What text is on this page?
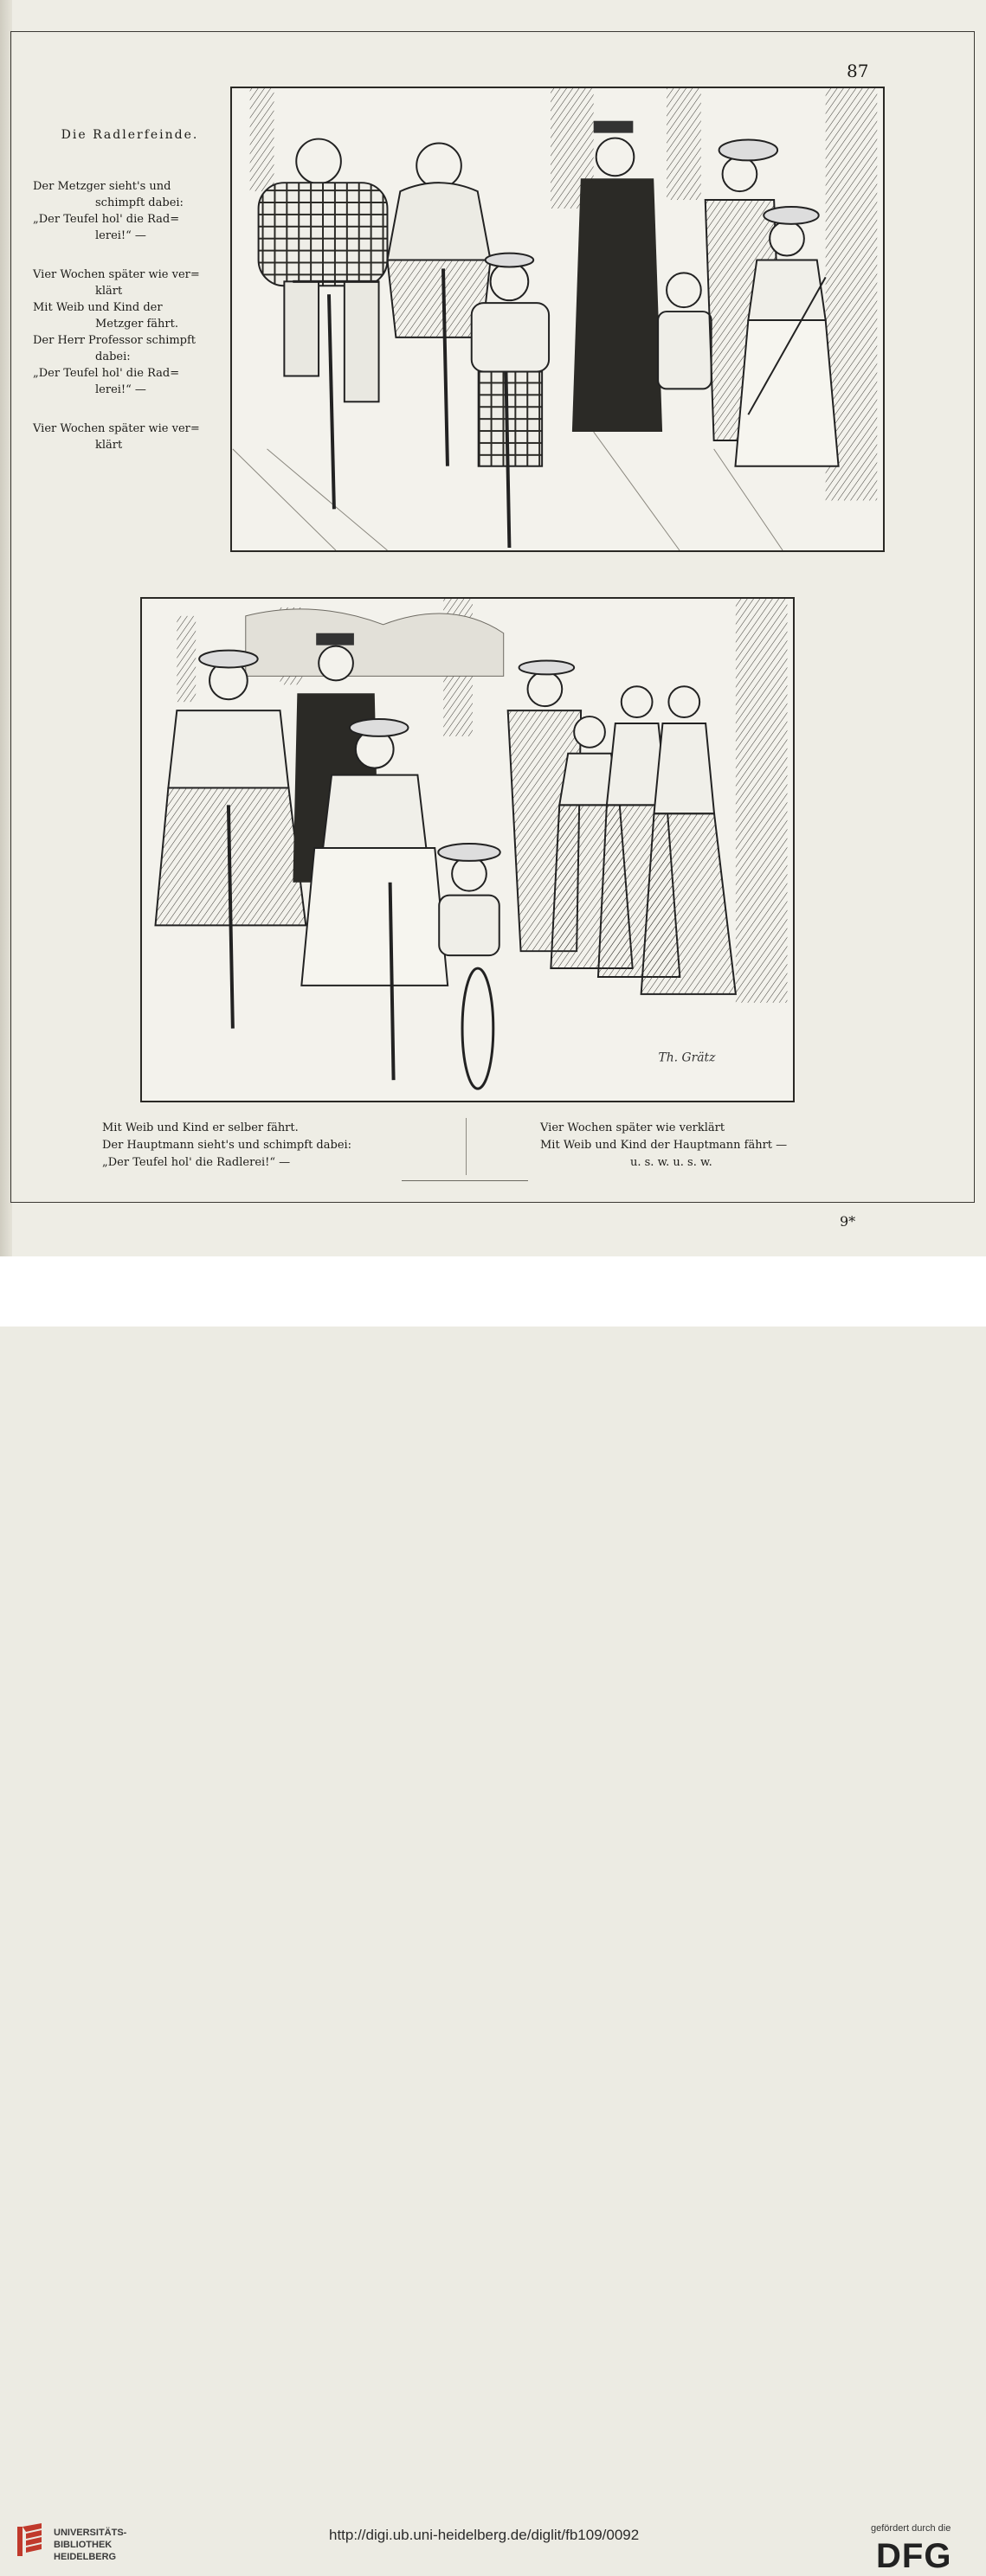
87
Die Radlerfeinde.
Der Metzger sieht's und
schimpft dabei:
„Der Teufel hol' die Rad=
lerei!“ —
Vier Wochen später wie ver=
klärt
Mit Weib und Kind der
Metzger fährt.
Der Herr Professor schimpft
dabei:
„Der Teufel hol' die Rad=
lerei!“ —
Vier Wochen später wie ver=
klärt
Th. Grätz
Mit Weib und Kind er selber fährt.
Der Hauptmann sieht's und schimpft dabei:
„Der Teufel hol' die Radlerei!“ —
Vier Wochen später wie verklärt
Mit Weib und Kind der Hauptmann fährt —
u. s. w. u. s. w.
9*
UNIVERSITÄTS-
BIBLIOTHEK
HEIDELBERG
http://digi.ub.uni-heidelberg.de/diglit/fb109/0092	gefördert durch die
DFG
